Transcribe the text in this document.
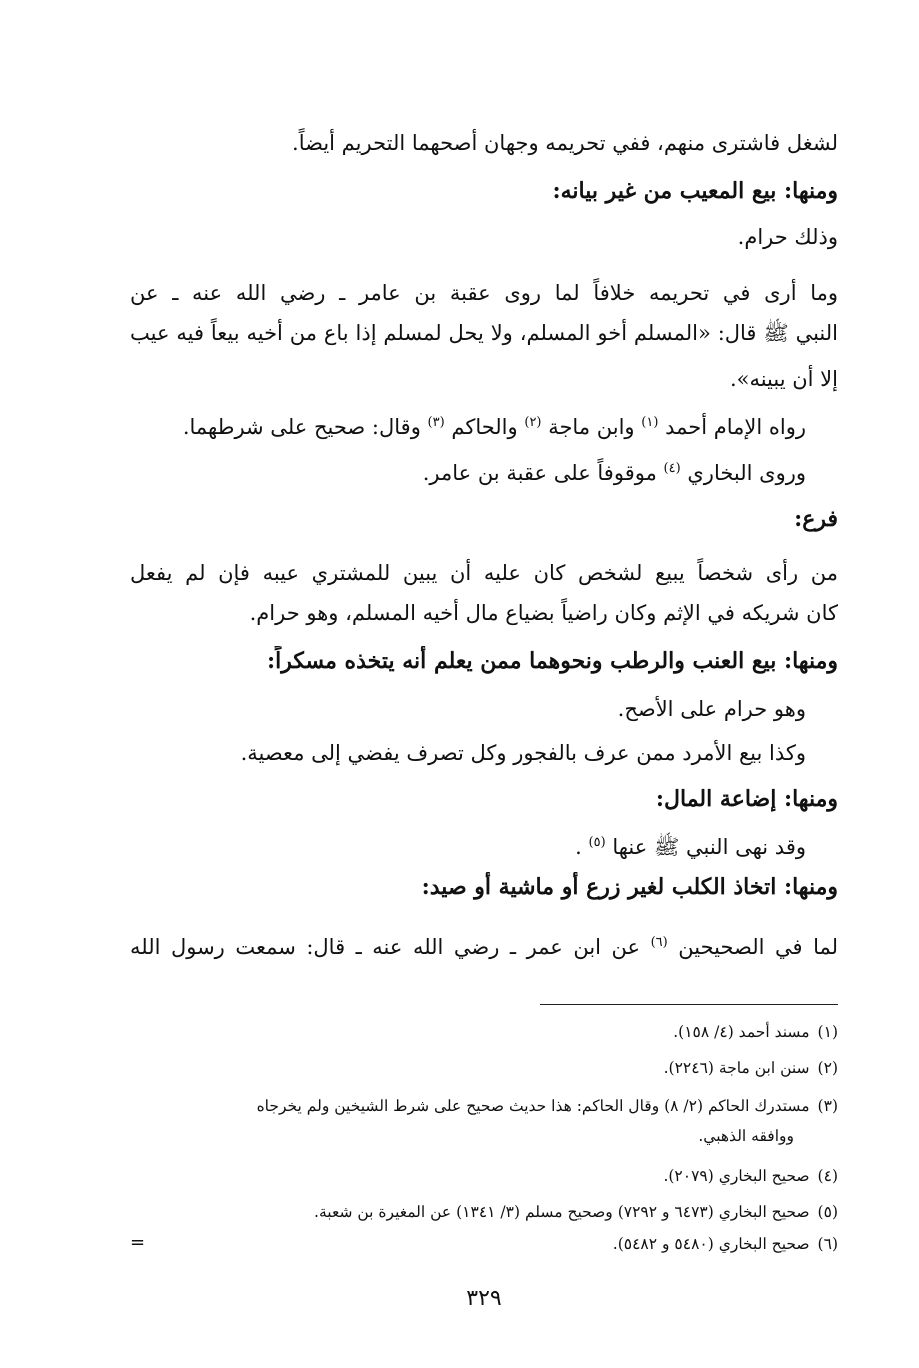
لشغل فاشترى منهم، ففي تحريمه وجهان أصحهما التحريم أيضاً.
ومنها: بيع المعيب من غير بيانه:
وذلك حرام.
وما أرى في تحريمه خلافاً لما روى عقبة بن عامر ـ رضي الله عنه ـ عن
النبي ﷺ قال: «المسلم أخو المسلم، ولا يحل لمسلم إذا باع من أخيه بيعاً فيه عيب
إلا أن يبينه».
رواه الإمام أحمد $^{(١)}$ وابن ماجة $^{(٢)}$ والحاكم $^{(٣)}$ وقال: صحيح على شرطهما.
وروى البخاري $^{(٤)}$ موقوفاً على عقبة بن عامر.
فرع:
من رأى شخصاً يبيع لشخص كان عليه أن يبين للمشتري عيبه فإن لم يفعل
كان شريكه في الإثم وكان راضياً بضياع مال أخيه المسلم، وهو حرام.
ومنها: بيع العنب والرطب ونحوهما ممن يعلم أنه يتخذه مسكراً:
وهو حرام على الأصح.
وكذا بيع الأمرد ممن عرف بالفجور وكل تصرف يفضي إلى معصية.
ومنها: إضاعة المال:
وقد نهى النبي ﷺ عنها $^{(٥)}$ .
ومنها: اتخاذ الكلب لغير زرع أو ماشية أو صيد:
لما في الصحيحين $^{(٦)}$ عن ابن عمر ـ رضي الله عنه ـ قال: سمعت رسول الله
(١)مسند أحمد (٤/ ١٥٨).
(٢)سنن ابن ماجة (٢٢٤٦).
(٣)مستدرك الحاكم (٢/ ٨) وقال الحاكم: هذا حديث صحيح على شرط الشيخين ولم يخرجاه
ووافقه الذهبي.
(٤)صحيح البخاري (٢٠٧٩).
(٥)صحيح البخاري (٦٤٧٣ و ٧٢٩٢) وصحيح مسلم (٣/ ١٣٤١) عن المغيرة بن شعبة.
(٦)صحيح البخاري (٥٤٨٠ و ٥٤٨٢).
=
٣٢٩
